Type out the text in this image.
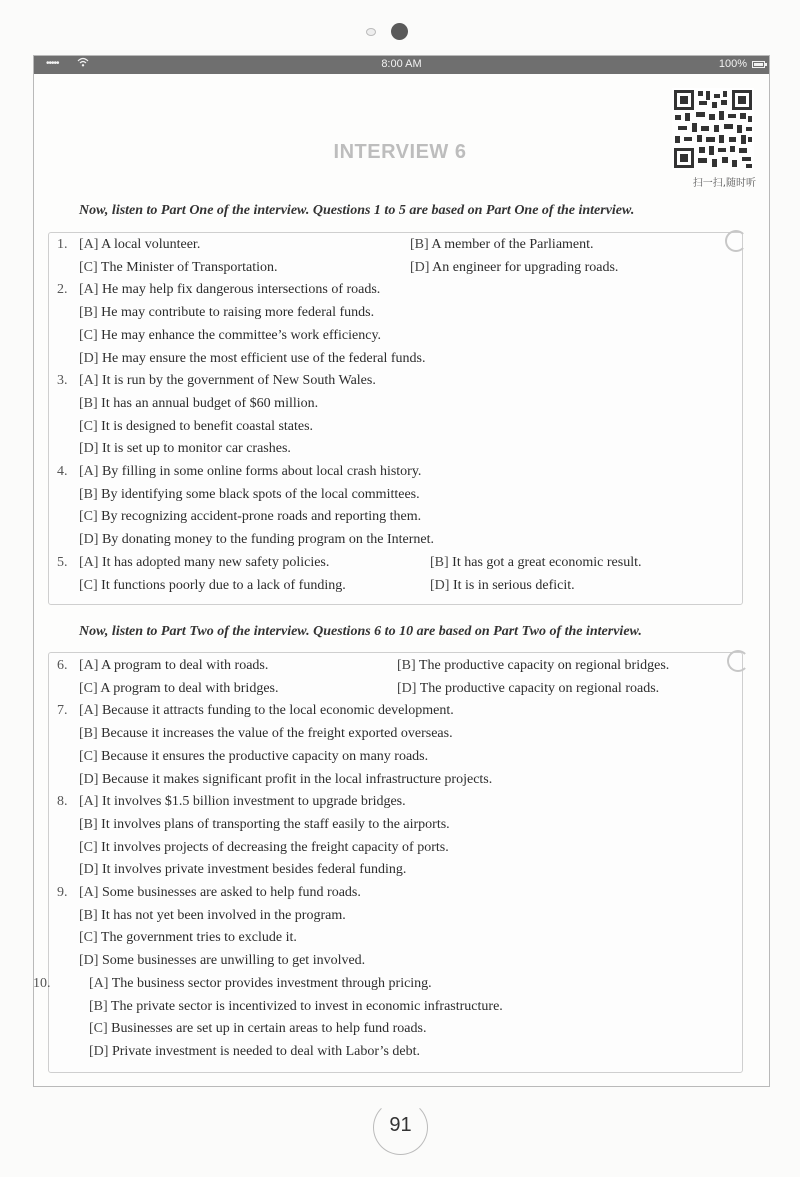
•••••	8:00 AM	100%
INTERVIEW 6
扫一扫,随时听
Now, listen to Part One of the interview. Questions 1 to 5 are based on Part One of the interview.
1. [A] A local volunteer.	[B] A member of the Parliament.
[C] The Minister of Transportation.	[D] An engineer for upgrading roads.
2. [A] He may help fix dangerous intersections of roads.
[B] He may contribute to raising more federal funds.
[C] He may enhance the committee’s work efficiency.
[D] He may ensure the most efficient use of the federal funds.
3. [A] It is run by the government of New South Wales.
[B] It has an annual budget of $60 million.
[C] It is designed to benefit coastal states.
[D] It is set up to monitor car crashes.
4. [A] By filling in some online forms about local crash history.
[B] By identifying some black spots of the local committees.
[C] By recognizing accident-prone roads and reporting them.
[D] By donating money to the funding program on the Internet.
5. [A] It has adopted many new safety policies.	[B] It has got a great economic result.
[C] It functions poorly due to a lack of funding.	[D] It is in serious deficit.
Now, listen to Part Two of the interview. Questions 6 to 10 are based on Part Two of the interview.
6. [A] A program to deal with roads.	[B] The productive capacity on regional bridges.
[C] A program to deal with bridges.	[D] The productive capacity on regional roads.
7. [A] Because it attracts funding to the local economic development.
[B] Because it increases the value of the freight exported overseas.
[C] Because it ensures the productive capacity on many roads.
[D] Because it makes significant profit in the local infrastructure projects.
8. [A] It involves $1.5 billion investment to upgrade bridges.
[B] It involves plans of transporting the staff easily to the airports.
[C] It involves projects of decreasing the freight capacity of ports.
[D] It involves private investment besides federal funding.
9. [A] Some businesses are asked to help fund roads.
[B] It has not yet been involved in the program.
[C] The government tries to exclude it.
[D] Some businesses are unwilling to get involved.
10.	[A] The business sector provides investment through pricing.
[B] The private sector is incentivized to invest in economic infrastructure.
[C] Businesses are set up in certain areas to help fund roads.
[D] Private investment is needed to deal with Labor’s debt.
91
